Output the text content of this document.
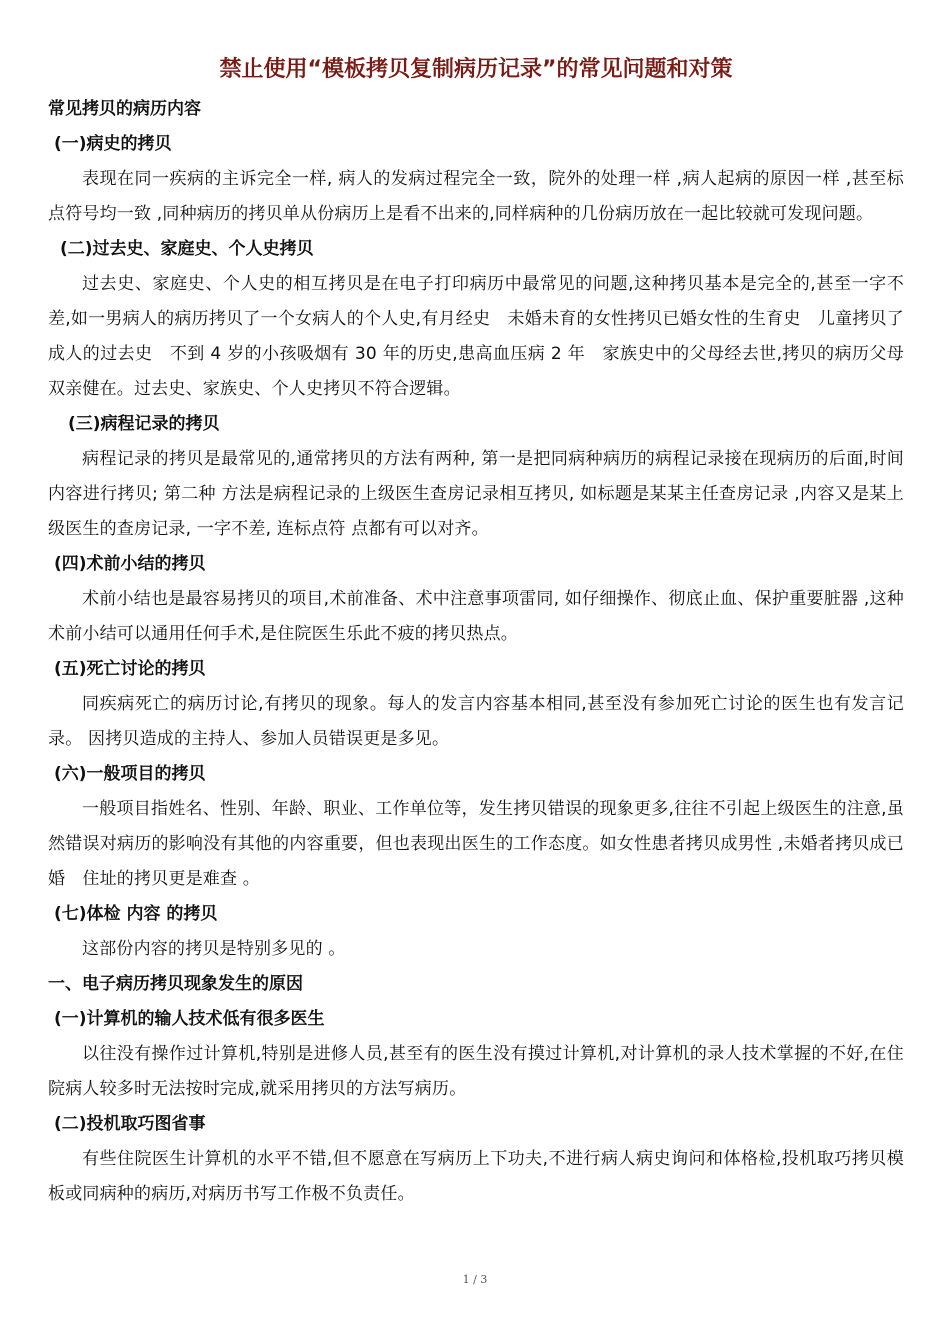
禁止使用“模板拷贝复制病历记录”的常见问题和对策
常见拷贝的病历内容
(一)病史的拷贝
表现在同一疾病的主诉完全一样, 病人的发病过程完全一致，院外的处理一样 ,病人起病的原因一样 ,甚至标点符号均一致 ,同种病历的拷贝单从份病历上是看不出来的,同样病种的几份病历放在一起比较就可发现问题。
(二)过去史、家庭史、个人史拷贝
过去史、家庭史、个人史的相互拷贝是在电子打印病历中最常见的问题,这种拷贝基本是完全的,甚至一字不差,如一男病人的病历拷贝了一个女病人的个人史,有月经史　未婚未育的女性拷贝已婚女性的生育史　儿童拷贝了成人的过去史　不到 4 岁的小孩吸烟有 30 年的历史,患高血压病 2 年　家族史中的父母经去世,拷贝的病历父母双亲健在。过去史、家族史、个人史拷贝不符合逻辑。
(三)病程记录的拷贝
病程记录的拷贝是最常见的,通常拷贝的方法有两种, 第一是把同病种病历的病程记录接在现病历的后面,时间内容进行拷贝; 第二种 方法是病程记录的上级医生查房记录相互拷贝, 如标题是某某主任查房记录 ,内容又是某上级医生的查房记录, 一字不差, 连标点符 点都有可以对齐。
(四)术前小结的拷贝
术前小结也是最容易拷贝的项目,术前准备、术中注意事项雷同, 如仔细操作、彻底止血、保护重要脏器 ,这种术前小结可以通用任何手术,是住院医生乐此不疲的拷贝热点。
(五)死亡讨论的拷贝
同疾病死亡的病历讨论,有拷贝的现象。每人的发言内容基本相同,甚至没有参加死亡讨论的医生也有发言记录。 因拷贝造成的主持人、参加人员错误更是多见。
(六)一般项目的拷贝
一般项目指姓名、性别、年龄、职业、工作单位等，发生拷贝错误的现象更多,往往不引起上级医生的注意,虽然错误对病历的影响没有其他的内容重要，但也表现出医生的工作态度。如女性患者拷贝成男性 ,未婚者拷贝成已婚　住址的拷贝更是难查 。
(七)体检 内容 的拷贝
这部份内容的拷贝是特别多见的 。
一、电子病历拷贝现象发生的原因
(一)计算机的输人技术低有很多医生
以往没有操作过计算机,特别是进修人员,甚至有的医生没有摸过计算机,对计算机的录人技术掌握的不好,在住院病人较多时无法按时完成,就采用拷贝的方法写病历。
(二)投机取巧图省事
有些住院医生计算机的水平不错,但不愿意在写病历上下功夫,不进行病人病史询问和体格检,投机取巧拷贝模板或同病种的病历,对病历书写工作极不负责任。
1 / 3
